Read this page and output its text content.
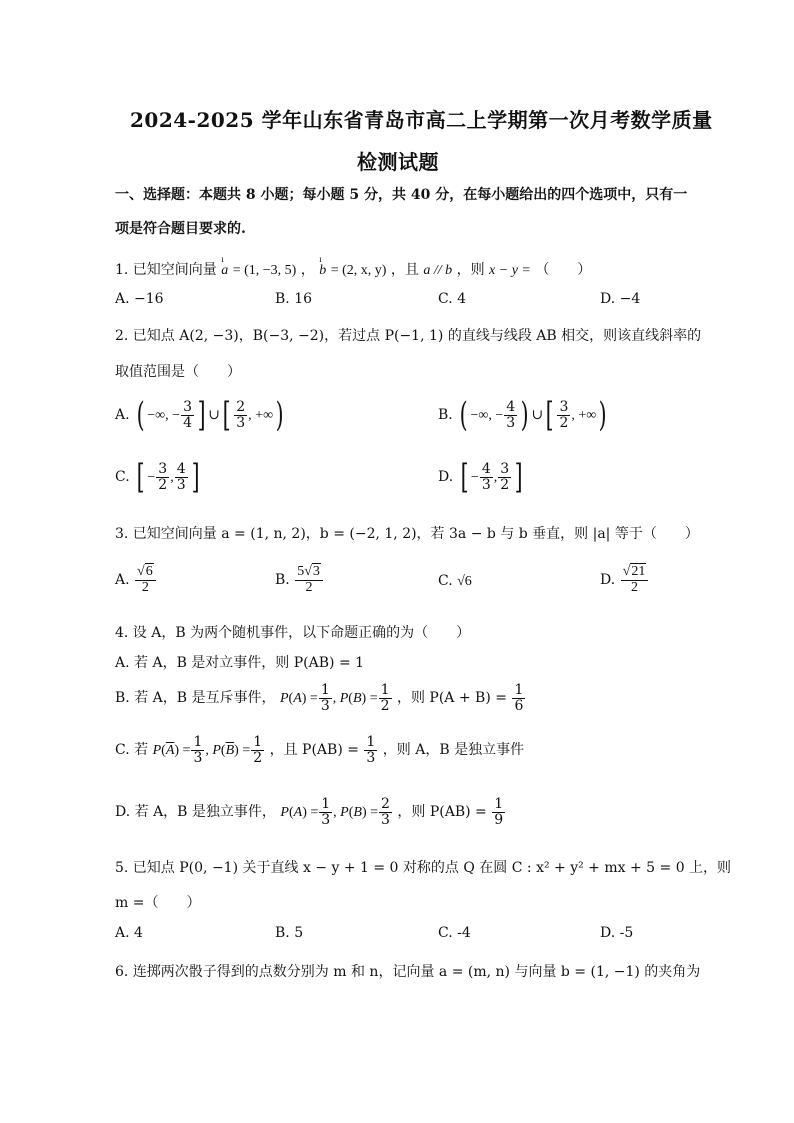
2024-2025 学年山东省青岛市高二上学期第一次月考数学质量
检测试题
一、选择题：本题共 8 小题；每小题 5 分，共 40 分，在每小题给出的四个选项中，只有一
项是符合题目要求的.
1. 已知空间向量
ı
a = (1, −3, 5) ，
ı
b = (2, x, y) ，且 a // b ，则 x − y = （　　）
A. −16	B. 16	C. 4	D. −4
2. 已知点 A(2, −3)，B(−3, −2)，若过点 P(−1, 1) 的直线与线段 AB 相交，则该直线斜率的
取值范围是（　　）
A. ( −∞, − $\frac{3}{4}$ ] ∪[ $\frac{2}{3}$ , +∞)	B. ( −∞, − $\frac{4}{3}$ ) ∪[ $\frac{3}{2}$ , +∞)
C. [ − $\frac{3}{2}$ , $\frac{4}{3}$ ]	D. [ − $\frac{4}{3}$ , $\frac{3}{2}$ ]
3. 已知空间向量 a = (1, n, 2)，b = (−2, 1, 2)，若 3a − b 与 b 垂直，则 |a| 等于（　　）
A. $\frac{√6}{2}$	B. $\frac{5√3}{2}$	C. √6	D. $\frac{√21}{2}$
4. 设 A，B 为两个随机事件，以下命题正确的为（　　）
A. 若 A，B 是对立事件，则 P(AB) = 1
B. 若 A，B 是互斥事件， $P(A) = \frac{1}{3}$ , $P(B) = \frac{1}{2}$ ，则 $P(A + B) = \frac{1}{6}$
C. 若 $P(\overline{A}) = \frac{1}{3}$ , $P(\overline{B}) = \frac{1}{2}$ ，且 $P(AB) = \frac{1}{3}$ ，则 A，B 是独立事件
D. 若 A，B 是独立事件， $P(A) = \frac{1}{3}$ , $P(B) = \frac{2}{3}$ ，则 $P(AB) = \frac{1}{9}$
5. 已知点 P(0, −1) 关于直线 x − y + 1 = 0 对称的点 Q 在圆 C : x² + y² + mx + 5 = 0 上，则
m =（　　）
A. 4	B. 5	C. -4	D. -5
6. 连掷两次骰子得到的点数分别为 m 和 n，记向量 a = (m, n) 与向量 b = (1, −1) 的夹角为
